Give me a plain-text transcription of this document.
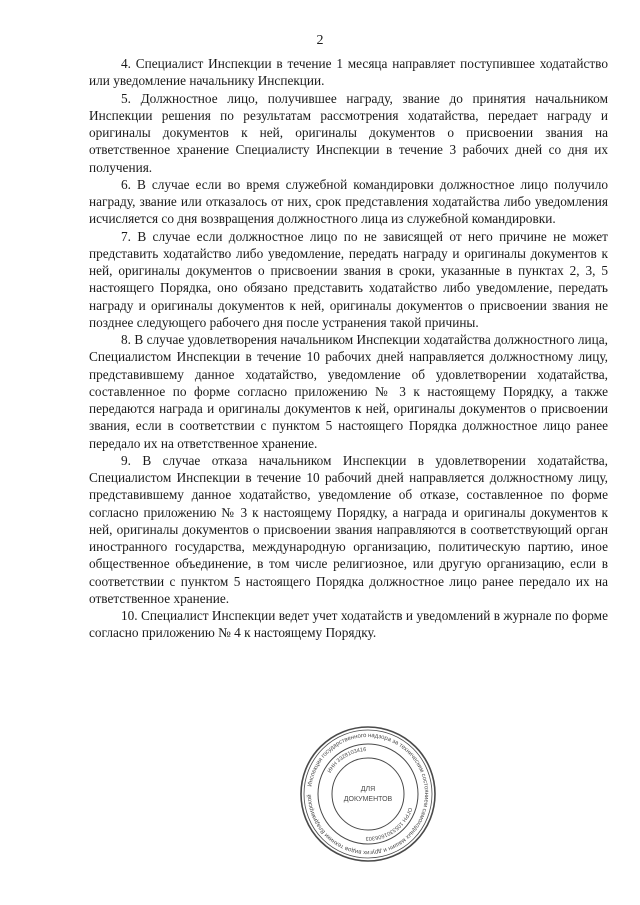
2

4. Специалист Инспекции в течение 1 месяца направляет поступившее ходатайство или уведомление начальнику Инспекции.

5. Должностное лицо, получившее награду, звание до принятия начальником Инспекции решения по результатам рассмотрения ходатайства, передает награду и оригиналы документов к ней, оригиналы документов о присвоении звания на ответственное хранение Специалисту Инспекции в течение 3 рабочих дней со дня их получения.

6. В случае если во время служебной командировки должностное лицо получило награду, звание или отказалось от них, срок представления ходатайства либо уведомления исчисляется со дня возвращения должностного лица из служебной командировки.

7. В случае если должностное лицо по не зависящей от него причине не может представить ходатайство либо уведомление, передать награду и оригиналы документов к ней, оригиналы документов о присвоении звания в сроки, указанные в пунктах 2, 3, 5 настоящего Порядка, оно обязано представить ходатайство либо уведомление, передать награду и оригиналы документов к ней, оригиналы документов о присвоении звания не позднее следующего рабочего дня после устранения такой причины.

8. В случае удовлетворения начальником Инспекции ходатайства должностного лица, Специалистом Инспекции в течение 10 рабочих дней направляется должностному лицу, представившему данное ходатайство, уведомление об удовлетворении ходатайства, составленное по форме согласно приложению № 3 к настоящему Порядку, а также передаются награда и оригиналы документов к ней, оригиналы документов о присвоении звания, если в соответствии с пунктом 5 настоящего Порядка должностное лицо ранее передало их на ответственное хранение.

9. В случае отказа начальником Инспекции в удовлетворении ходатайства, Специалистом Инспекции в течение 10 рабочий дней направляется должностному лицу, представившему данное ходатайство, уведомление об отказе, составленное по форме согласно приложению № 3 к настоящему Порядку, а награда и оригиналы документов к ней, оригиналы документов о присвоении звания направляются в соответствующий орган иностранного государства, международную организацию, политическую партию, иное общественное объединение, в том числе религиозное, или другую организацию, если в соответствии с пунктом 5 настоящего Порядка должностное лицо ранее передало их на ответственное хранение.

10. Специалист Инспекции ведет учет ходатайств и уведомлений в журнале по форме согласно приложению № 4 к настоящему Порядку.

Инспекция государственного надзора за техническим состоянием самоходных машин и других видов техники Владимирской
ИНН 3328103416
ОГРН 1053301606303
ДЛЯ
ДОКУМЕНТОВ
